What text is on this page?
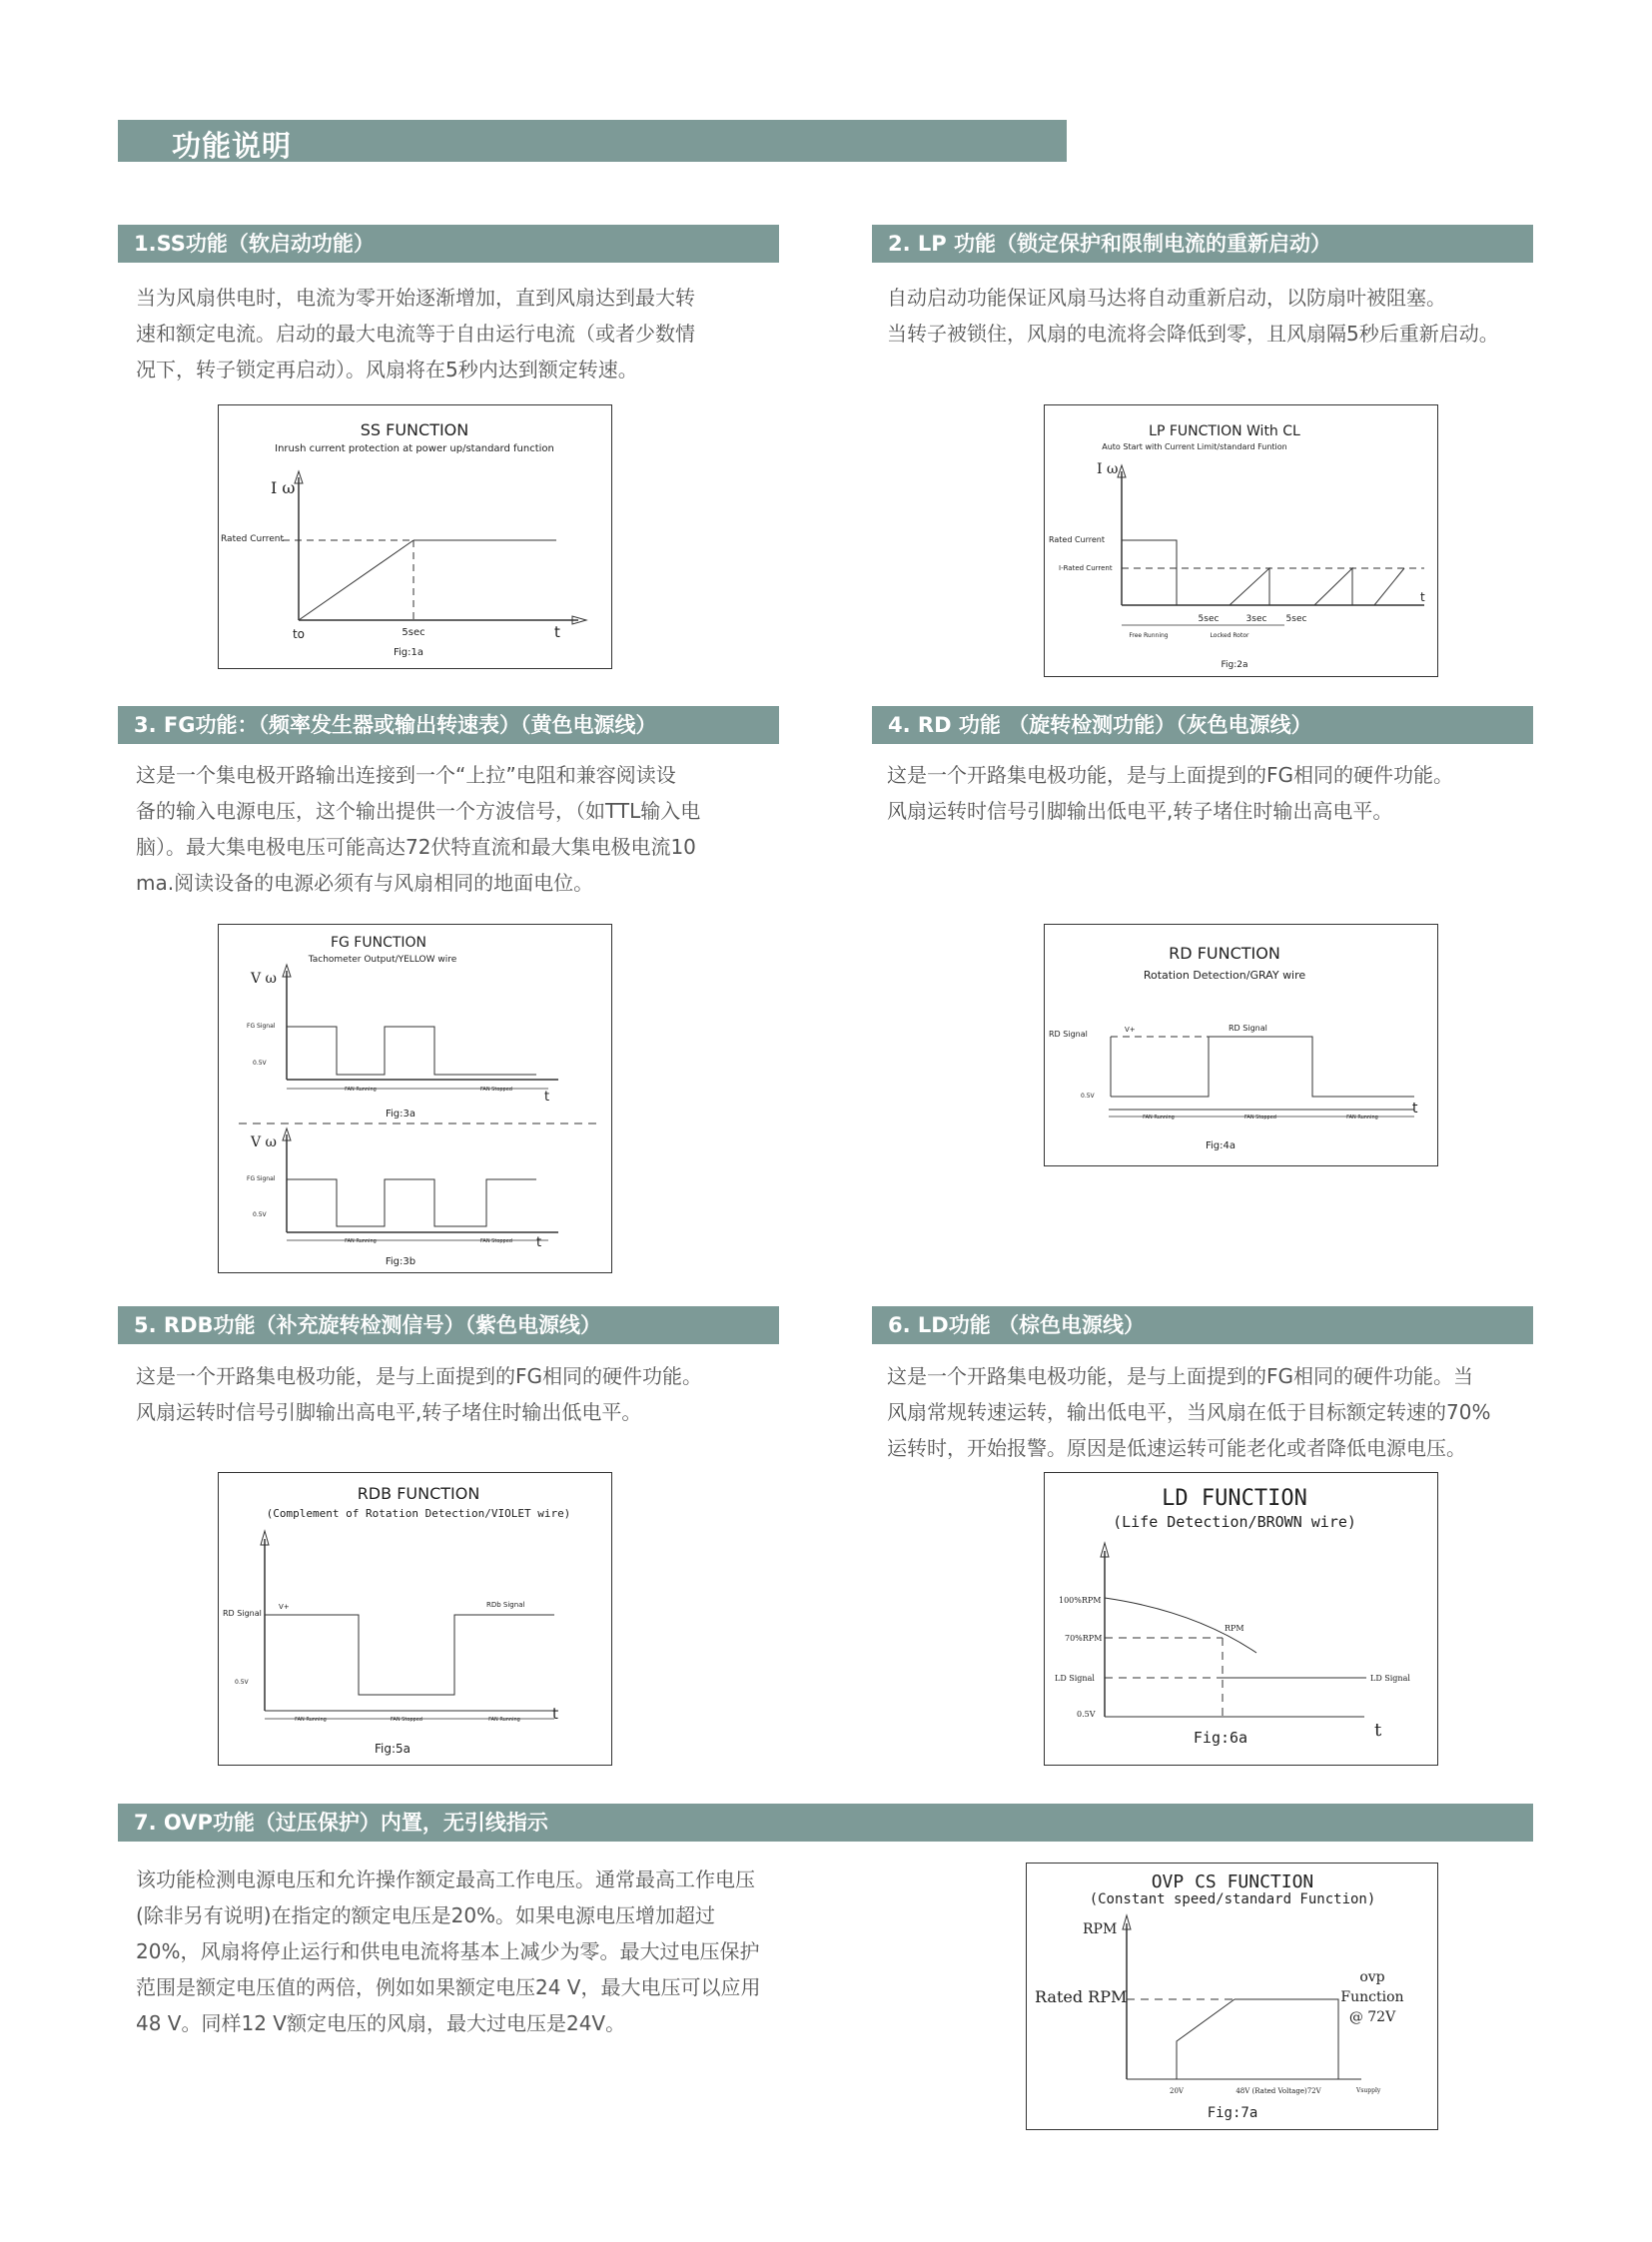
功能说明
1.SS功能（软启动功能）

当为风扇供电时，电流为零开始逐渐增加，直到风扇达到最大转

速和额定电流。启动的最大电流等于自由运行电流（或者少数情

况下，转子锁定再启动）。风扇将在5秒内达到额定转速。

2. LP 功能（锁定保护和限制电流的重新启动）

自动启动功能保证风扇马达将自动重新启动，以防扇叶被阻塞。

当转子被锁住，风扇的电流将会降低到零，且风扇隔5秒后重新启动。

SS FUNCTION
Inrush current protection at power up/standard function
I ω
Rated Current
to	5sec	t
Fig:1a
LP FUNCTION With CL
Auto Start with Current Limit/standard Funtion
I ω
Rated Current
I-Rated Current
5sec	3sec 5sec
Free Running	Locked Rotor
t
Fig:2a
3. FG功能：（频率发生器或输出转速表）（黄色电源线）

这是一个集电极开路输出连接到一个“上拉”电阻和兼容阅读设

备的输入电源电压，这个输出提供一个方波信号，（如TTL输入电

脑）。最大集电极电压可能高达72伏特直流和最大集电极电流10

ma.阅读设备的电源必须有与风扇相同的地面电位。

4. RD 功能 （旋转检测功能）（灰色电源线）

这是一个开路集电极功能，是与上面提到的FG相同的硬件功能。

风扇运转时信号引脚输出低电平,转子堵住时输出高电平。

FG FUNCTION
Tachometer Output/YELLOW wire
V ω
FG Signal
0.5V
FAN Running	FAN Stopped t
Fig:3a
V ω
FG Signal
0.5V
FAN Running	FAN Stopped t
Fig:3b
RD FUNCTION
Rotation Detection/GRAY wire
RD Signal	V+	RD Signal
0.5V
FAN Running	FAN Stopped	FAN Running
t
Fig:4a
5. RDB功能（补充旋转检测信号）（紫色电源线）

这是一个开路集电极功能，是与上面提到的FG相同的硬件功能。

风扇运转时信号引脚输出高电平,转子堵住时输出低电平。

6. LD功能 （棕色电源线）

这是一个开路集电极功能，是与上面提到的FG相同的硬件功能。当

风扇常规转速运转，输出低电平，当风扇在低于目标额定转速的70%

运转时，开始报警。原因是低速运转可能老化或者降低电源电压。

RDB FUNCTION
(Complement of Rotation Detection/VIOLET wire)
RD Signal
V+	RDb Signal
0.5V
FAN Running	FAN Stopped	FAN Running t
Fig:5a
LD FUNCTION
(Life Detection/BROWN wire)
100%RPM
70%RPM
RPM
LD Signal	LD Signal
0.5V
t
Fig:6a
7. OVP功能（过压保护）内置，无引线指示

该功能检测电源电压和允许操作额定最高工作电压。通常最高工作电压

(除非另有说明)在指定的额定电压是20%。如果电源电压增加超过

20%，风扇将停止运行和供电电流将基本上减少为零。最大过电压保护

范围是额定电压值的两倍，例如如果额定电压24 V，最大电压可以应用

48 V。同样12 V额定电压的风扇，最大过电压是24V。

OVP CS FUNCTION
(Constant speed/standard Function)
RPM
Rated RPM
ovp
Function
@ 72V
20V	48V (Rated Voltage)72V	Vsupply
Fig:7a
